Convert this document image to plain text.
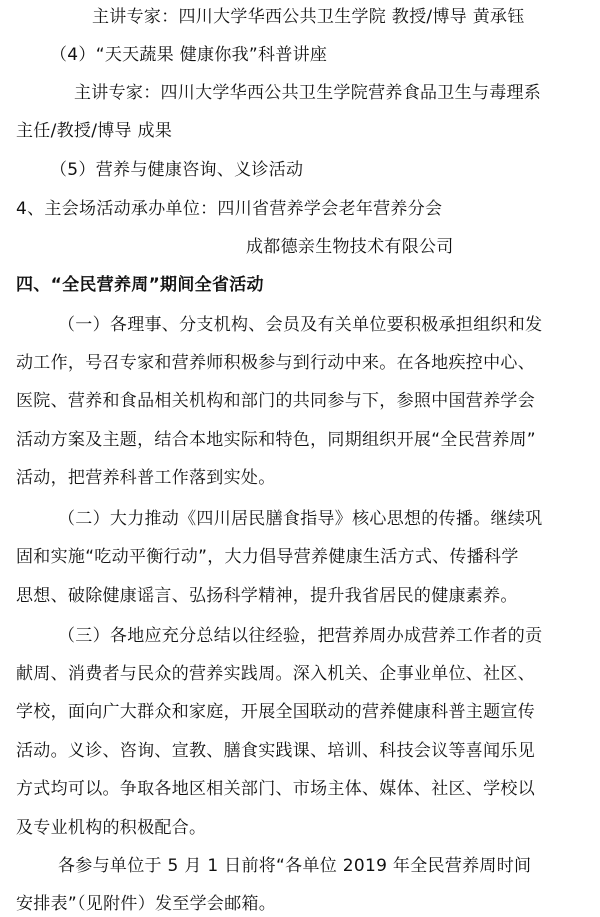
主讲专家：四川大学华西公共卫生学院 教授/博导 黄承钰
（4）“天天蔬果 健康你我”科普讲座
主讲专家：四川大学华西公共卫生学院营养食品卫生与毒理系
主任/教授/博导 成果
（5）营养与健康咨询、义诊活动
4、主会场活动承办单位：四川省营养学会老年营养分会
成都德亲生物技术有限公司
四、“全民营养周”期间全省活动
（一）各理事、分支机构、会员及有关单位要积极承担组织和发
动工作，号召专家和营养师积极参与到行动中来。在各地疾控中心、
医院、营养和食品相关机构和部门的共同参与下，参照中国营养学会
活动方案及主题，结合本地实际和特色，同期组织开展“全民营养周”
活动，把营养科普工作落到实处。
（二）大力推动《四川居民膳食指导》核心思想的传播。继续巩
固和实施“吃动平衡行动”，大力倡导营养健康生活方式、传播科学
思想、破除健康谣言、弘扬科学精神，提升我省居民的健康素养。
（三）各地应充分总结以往经验，把营养周办成营养工作者的贡
献周、消费者与民众的营养实践周。深入机关、企事业单位、社区、
学校，面向广大群众和家庭，开展全国联动的营养健康科普主题宣传
活动。义诊、咨询、宣教、膳食实践课、培训、科技会议等喜闻乐见
方式均可以。争取各地区相关部门、市场主体、媒体、社区、学校以
及专业机构的积极配合。
各参与单位于 5 月 1 日前将“各单位 2019 年全民营养周时间
安排表”（见附件）发至学会邮箱。
